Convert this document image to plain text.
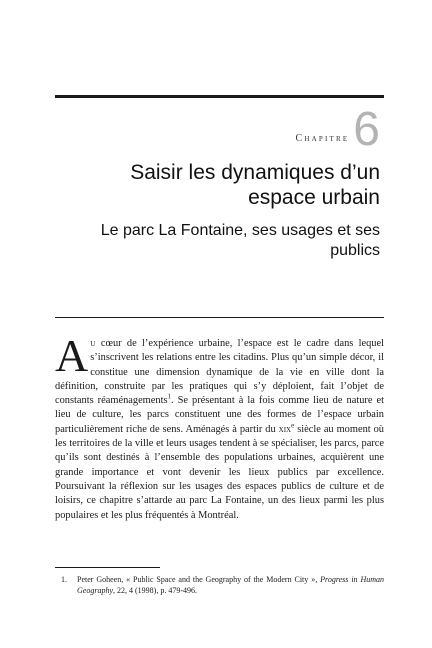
Chapitre 6
Saisir les dynamiques d’un espace urbain
Le parc La Fontaine, ses usages et ses publics
Au cœur de l’expérience urbaine, l’espace est le cadre dans lequel s’inscrivent les relations entre les citadins. Plus qu’un simple décor, il constitue une dimension dynamique de la vie en ville dont la définition, construite par les pratiques qui s’y déploient, fait l’objet de constants réaménagements$^1$. Se présentant à la fois comme lieu de nature et lieu de culture, les parcs constituent une des formes de l’espace urbain particulièrement riche de sens. Aménagés à partir du xix$^e$ siècle au moment où les territoires de la ville et leurs usages tendent à se spécialiser, les parcs, parce qu’ils sont destinés à l’ensemble des populations urbaines, acquièrent une grande importance et vont devenir les lieux publics par excellence. Poursuivant la réflexion sur les usages des espaces publics de culture et de loisirs, ce chapitre s’attarde au parc La Fontaine, un des lieux parmi les plus populaires et les plus fréquentés à Montréal.
1.	Peter Goheen, « Public Space and the Geography of the Modern City », Progress in Human Geography, 22, 4 (1998), p. 479-496.
